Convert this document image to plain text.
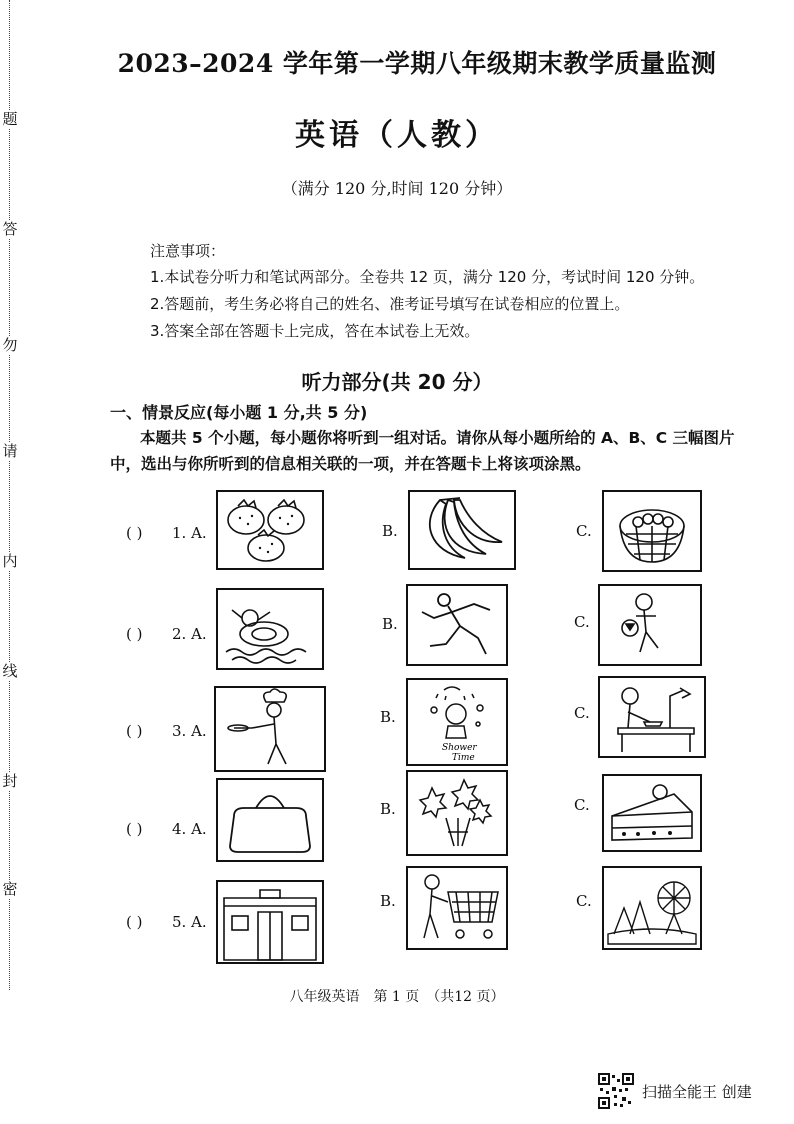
题
答
勿
请
内
线
封
密
2023–2024 学年第一学期八年级期末教学质量监测
英语（人教）
（满分 120 分,时间 120 分钟）
注意事项：
1.本试卷分听力和笔试两部分。全卷共 12 页，满分 120 分，考试时间 120 分钟。
2.答题前，考生务必将自己的姓名、准考证号填写在试卷相应的位置上。
3.答案全部在答题卡上完成，答在本试卷上无效。
听力部分(共 20 分）
一、情景反应(每小题 1 分,共 5 分)
本题共 5 个小题，每小题你将听到一组对话。请你从每小题所给的 A、B、C 三幅图片
中，选出与你所听到的信息相关联的一项，并在答题卡上将该项涂黑。
( ) 1. A.	B.	C.
( ) 2. A.
B.	C.
( ) 3. A.
B.
Shower
Time
C.
( ) 4. A.
B.	C.
( ) 5. A.
B.	C.
八年级英语　第 1 页　（共12 页）
扫描全能王 创建
